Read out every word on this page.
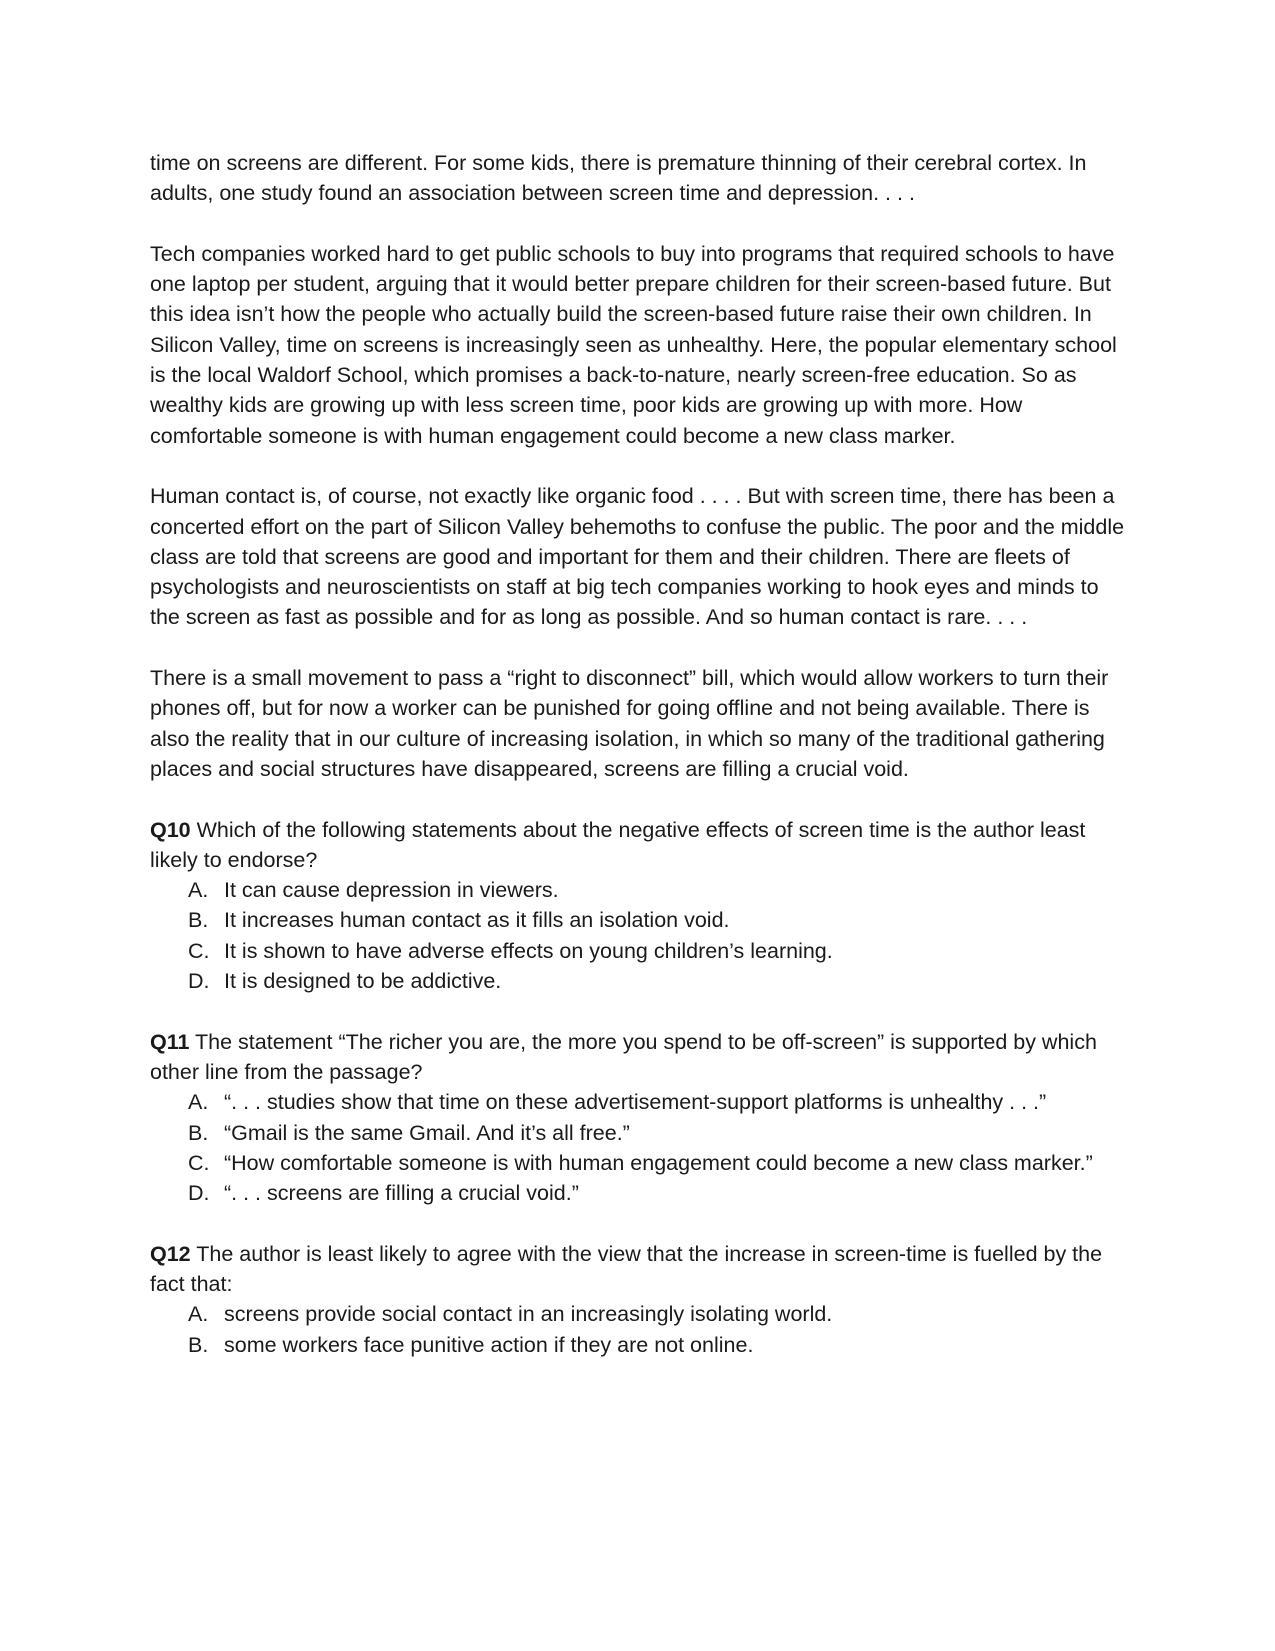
time on screens are different. For some kids, there is premature thinning of their cerebral cortex. In adults, one study found an association between screen time and depression. . . .

Tech companies worked hard to get public schools to buy into programs that required schools to have one laptop per student, arguing that it would better prepare children for their screen-based future. But this idea isn’t how the people who actually build the screen-based future raise their own children. In Silicon Valley, time on screens is increasingly seen as unhealthy. Here, the popular elementary school is the local Waldorf School, which promises a back-to-nature, nearly screen-free education. So as wealthy kids are growing up with less screen time, poor kids are growing up with more. How comfortable someone is with human engagement could become a new class marker.

Human contact is, of course, not exactly like organic food . . . . But with screen time, there has been a concerted effort on the part of Silicon Valley behemoths to confuse the public. The poor and the middle class are told that screens are good and important for them and their children. There are fleets of psychologists and neuroscientists on staff at big tech companies working to hook eyes and minds to the screen as fast as possible and for as long as possible. And so human contact is rare. . . .

There is a small movement to pass a “right to disconnect” bill, which would allow workers to turn their phones off, but for now a worker can be punished for going offline and not being available. There is also the reality that in our culture of increasing isolation, in which so many of the traditional gathering places and social structures have disappeared, screens are filling a crucial void.

Q10 Which of the following statements about the negative effects of screen time is the author least likely to endorse?

A. It can cause depression in viewers.
B. It increases human contact as it fills an isolation void.
C. It is shown to have adverse effects on young children’s learning.
D. It is designed to be addictive.

Q11 The statement “The richer you are, the more you spend to be off-screen” is supported by which other line from the passage?

A. “. . . studies show that time on these advertisement-support platforms is unhealthy . . .”
B. “Gmail is the same Gmail. And it’s all free.”
C. “How comfortable someone is with human engagement could become a new class marker.”
D. “. . . screens are filling a crucial void.”

Q12 The author is least likely to agree with the view that the increase in screen-time is fuelled by the fact that:

A. screens provide social contact in an increasingly isolating world.
B. some workers face punitive action if they are not online.
